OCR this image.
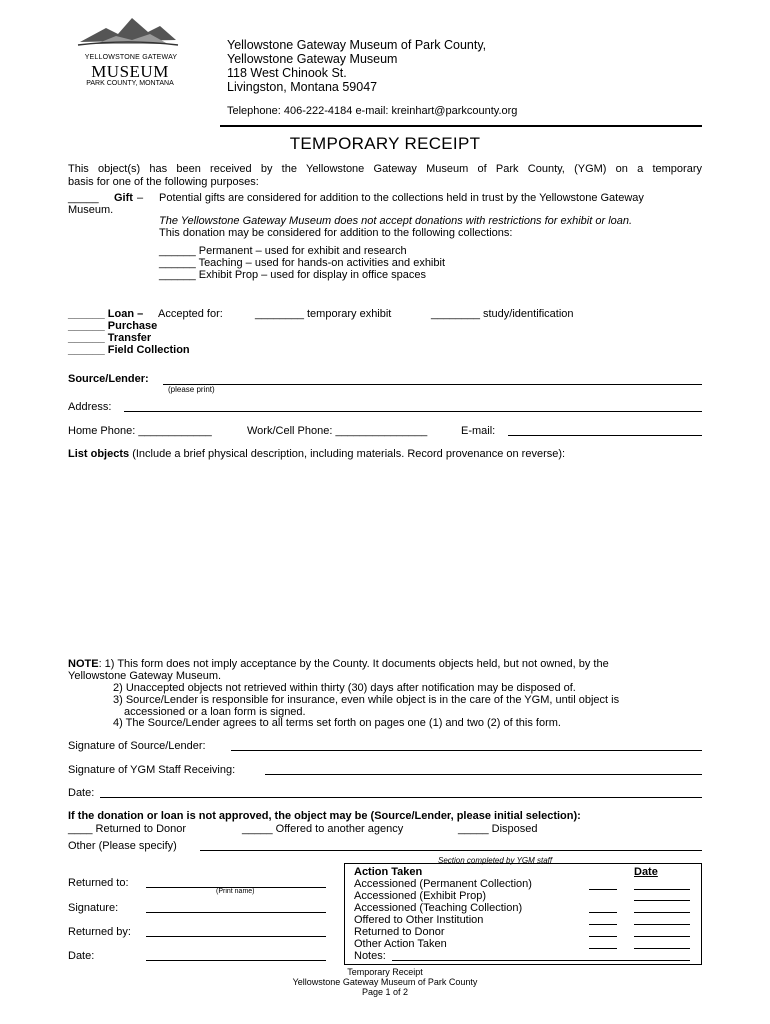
YELLOWSTONE GATEWAY
MUSEUM
PARK COUNTY, MONTANA
Yellowstone Gateway Museum of Park County,
Yellowstone Gateway Museum
118 West Chinook St.
Livingston, Montana 59047
Telephone: 406-222-4184 e-mail: kreinhart@parkcounty.org
TEMPORARY RECEIPT
This object(s) has been received by the Yellowstone Gateway Museum of Park County, (YGM) on a temporary
basis for one of the following purposes:
_____ Gift – Potential gifts are considered for addition to the collections held in trust by the Yellowstone Gateway
Museum.
The Yellowstone Gateway Museum does not accept donations with restrictions for exhibit or loan.
This donation may be considered for addition to the following collections:
______ Permanent – used for exhibit and research
______ Teaching – used for hands-on activities and exhibit
______ Exhibit Prop – used for display in office spaces
______ Loan – Accepted for:	________ temporary exhibit	________ study/identification
______ Purchase
______ Transfer
______ Field Collection
Source/Lender:
(please print)
Address:
Home Phone: ____________	Work/Cell Phone: _______________	E-mail:
List objects (Include a brief physical description, including materials. Record provenance on reverse):
NOTE: 1) This form does not imply acceptance by the County. It documents objects held, but not owned, by the
Yellowstone Gateway Museum.
2) Unaccepted objects not retrieved within thirty (30) days after notification may be disposed of.
3) Source/Lender is responsible for insurance, even while object is in the care of the YGM, until object is
accessioned or a loan form is signed.
4) The Source/Lender agrees to all terms set forth on pages one (1) and two (2) of this form.
Signature of Source/Lender:
Signature of YGM Staff Receiving:
Date:
If the donation or loan is not approved, the object may be (Source/Lender, please initial selection):
____ Returned to Donor	_____ Offered to another agency	_____ Disposed
Other (Please specify)
Returned to:
(Print name)
Signature:
Returned by:
Date:
Section completed by YGM staff
Action Taken	Date
Accessioned (Permanent Collection)
Accessioned (Exhibit Prop)
Accessioned (Teaching Collection)
Offered to Other Institution
Returned to Donor
Other Action Taken
Notes:
Temporary Receipt
Yellowstone Gateway Museum of Park County
Page 1 of 2
